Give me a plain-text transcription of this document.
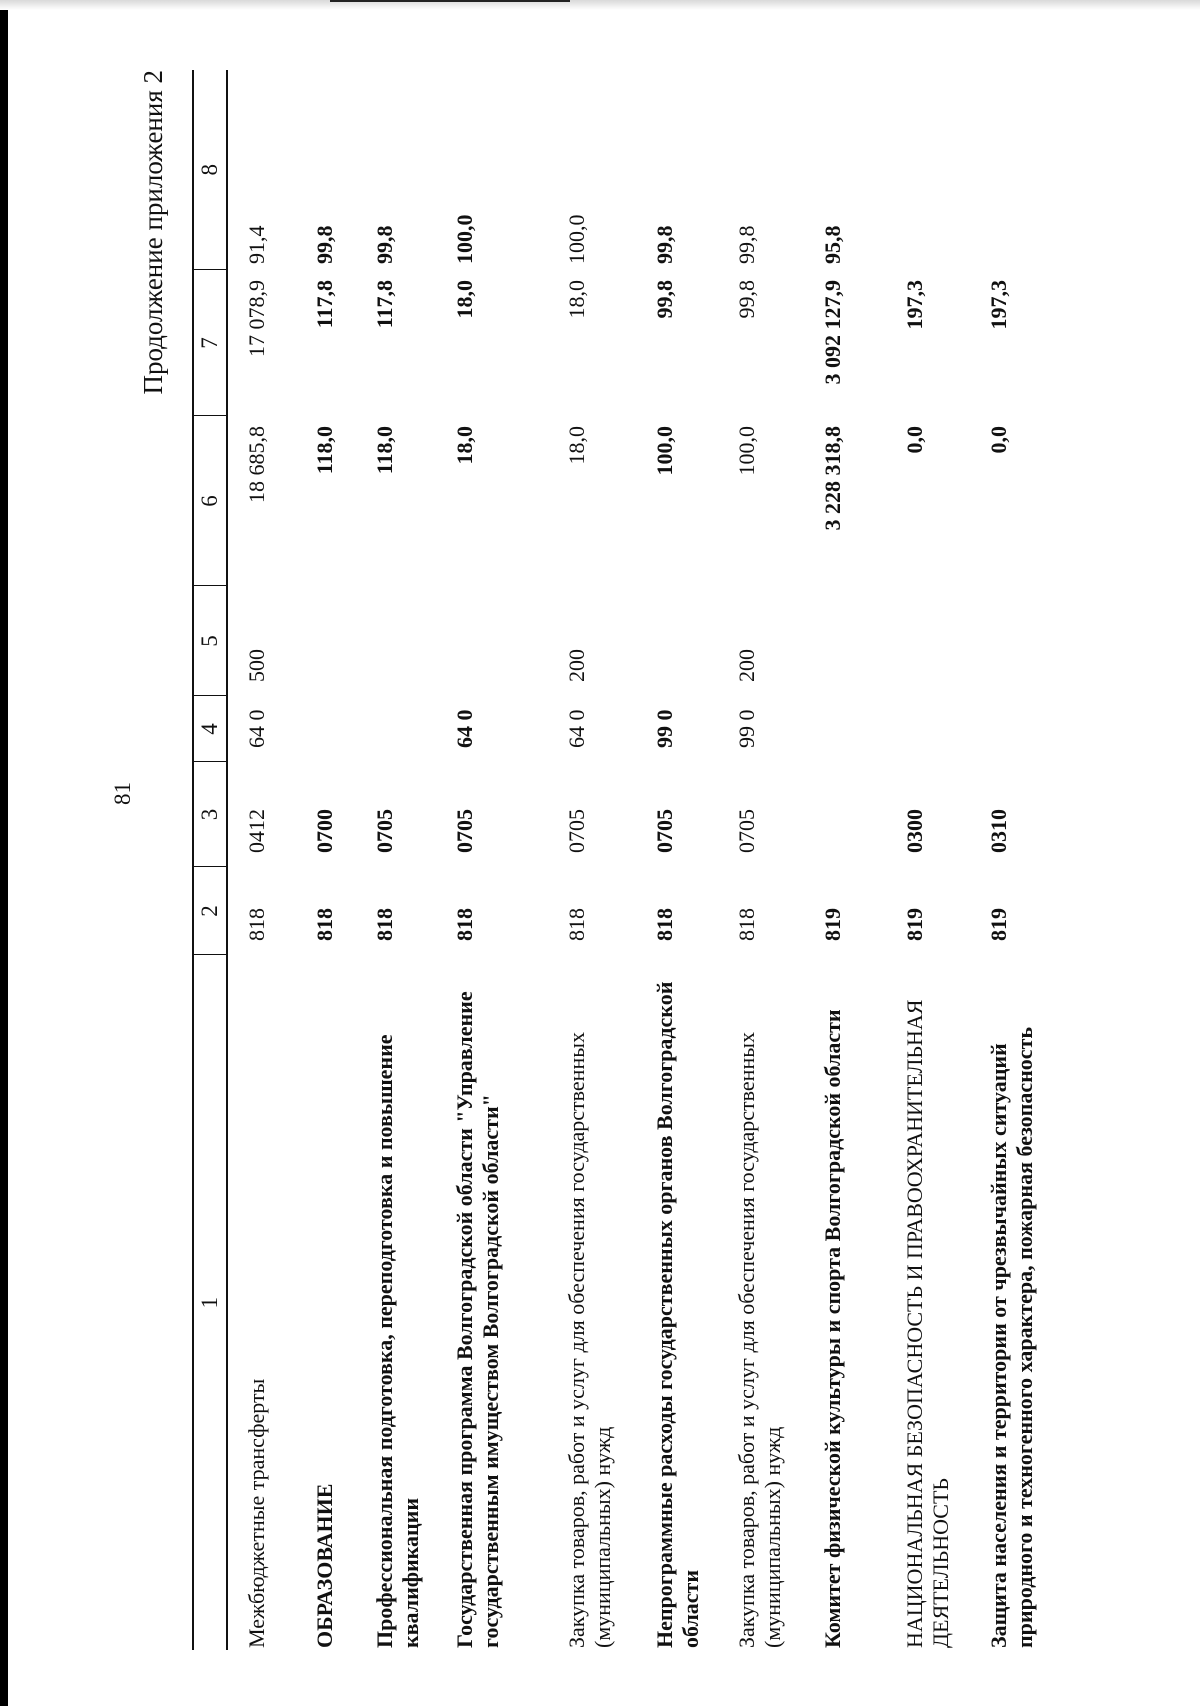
81
Продолжение приложения 2
1	2	3	4	5	6	7	8
Межбюджетные трансферты	818	0412	64 0	500	18 685,8	17 078,9	91,4
ОБРАЗОВАНИЕ	818	0700			118,0	117,8	99,8
Профессиональная подготовка, переподготовка и повышение квалификации	818	0705			118,0	117,8	99,8
Государственная программа Волгоградской области "Управление государственным имуществом Волгоградской области"	818	0705	64 0		18,0	18,0	100,0
Закупка товаров, работ и услуг для обеспечения государственных (муниципальных) нужд	818	0705	64 0	200	18,0	18,0	100,0
Непрограммные расходы государственных органов Волгоградской области	818	0705	99 0		100,0	99,8	99,8
Закупка товаров, работ и услуг для обеспечения государственных (муниципальных) нужд	818	0705	99 0	200	100,0	99,8	99,8
Комитет физической культуры и спорта Волгоградской области	819				3 228 318,8	3 092 127,9	95,8
НАЦИОНАЛЬНАЯ БЕЗОПАСНОСТЬ И ПРАВООХРАНИТЕЛЬНАЯ ДЕЯТЕЛЬНОСТЬ	819	0300			0,0	197,3	
Защита населения и территории от чрезвычайных ситуаций природного и техногенного характера, пожарная безопасность	819	0310			0,0	197,3	
